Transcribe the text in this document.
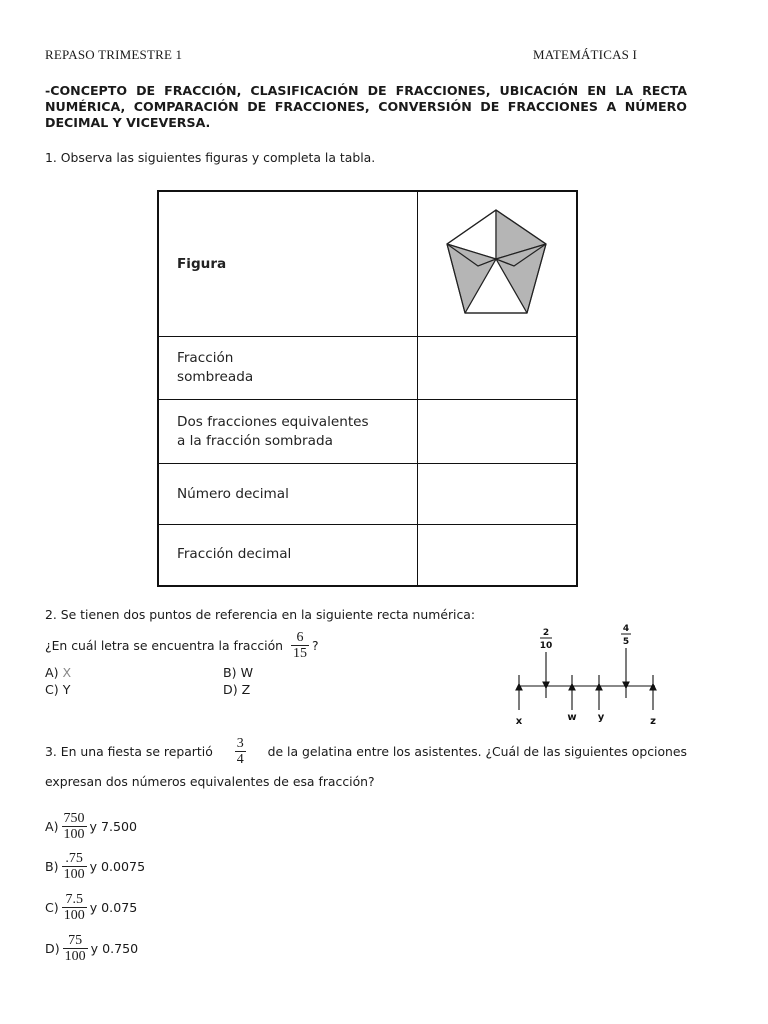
REPASO TRIMESTRE 1	MATEMÁTICAS I
-CONCEPTO DE FRACCIÓN, CLASIFICACIÓN DE FRACCIONES, UBICACIÓN EN LA RECTA NUMÉRICA, COMPARACIÓN DE FRACCIONES, CONVERSIÓN DE FRACCIONES A NÚMERO DECIMAL Y VICEVERSA.
1. Observa las siguientes figuras y completa la tabla.
Figura	

Fracción
sombreada	

Dos fracciones equivalentes
a la fracción sombrada	

Número decimal	

Fracción decimal	

2. Se tienen dos puntos de referencia en la siguiente recta numérica:
¿En cuál letra se encuentra la fracción $\frac{6}{15}$ ?
A) X	B) W
C) Y	D) Z
2
10
4
5
x	w y	z
3. En una fiesta se repartió $\frac{3}{4}$ de la gelatina entre los asistentes. ¿Cuál de las siguientes opciones
expresan dos números equivalentes de esa fracción?
$A) \frac{750}{100}$ y 7.500
$B) \frac{.75}{100}$ y 0.0075
$C) \frac{7.5}{100}$ y 0.075
$D) \frac{75}{100}$ y 0.750
